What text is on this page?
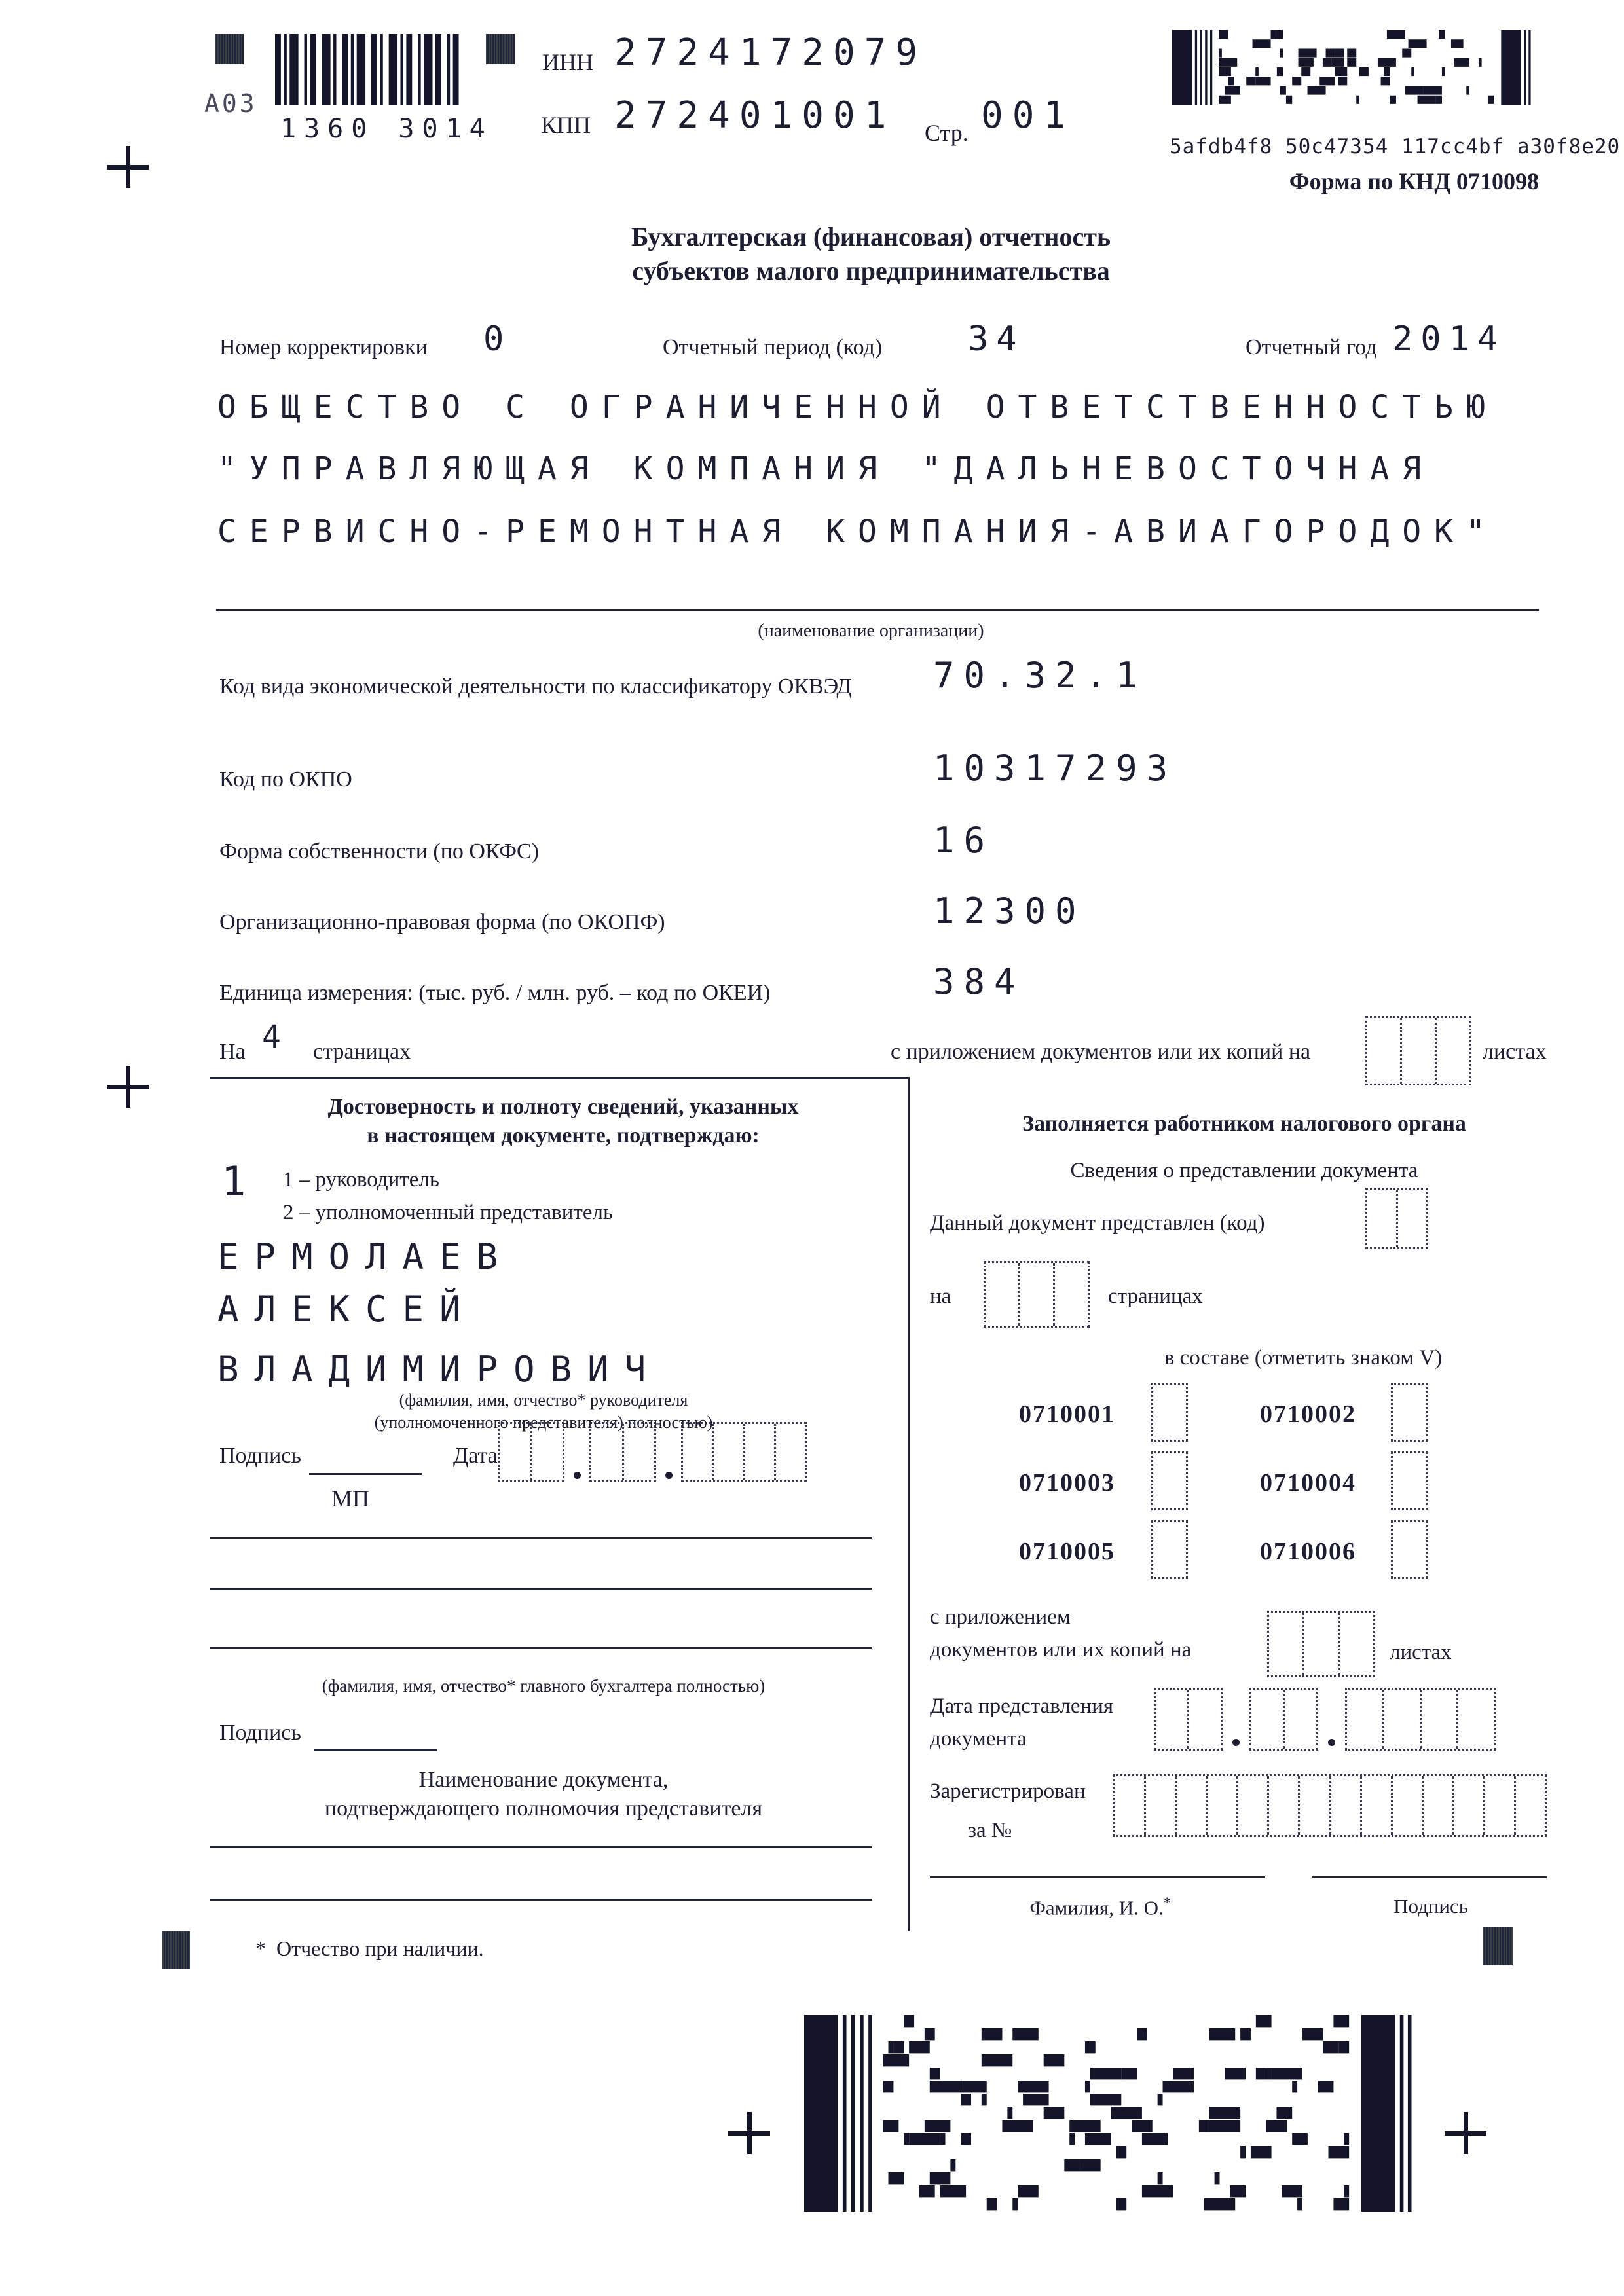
A03
1360 3014
ИНН 2724172079
КПП 272401001 Стр. 001
5afdb4f8 50c47354 117cc4bf a30f8e20
Форма по КНД 0710098
Бухгалтерская (финансовая) отчетность
субъектов малого предпринимательства
Номер корректировки 0	Отчетный период (код)	34	Отчетный год 2014
ОБЩЕСТВО С ОГРАНИЧЕННОЙ ОТВЕТСТВЕННОСТЬЮ
"УПРАВЛЯЮЩАЯ КОМПАНИЯ "ДАЛЬНЕВОСТОЧНАЯ
СЕРВИСНО-РЕМОНТНАЯ КОМПАНИЯ-АВИАГОРОДОК"
(наименование организации)
Код вида экономической деятельности по классификатору ОКВЭД 70.32.1
Код по ОКПО	10317293
Форма собственности (по ОКФС)	16
Организационно-правовая форма (по ОКОПФ)	12300
Единица измерения: (тыс. руб. / млн. руб. – код по ОКЕИ)	384
На 4 страницах	с приложением документов или их копий на	листах
Достоверность и полноту сведений, указанных
в настоящем документе, подтверждаю:
1 1 – руководитель
2 – уполномоченный представитель
ЕРМОЛАЕВ
АЛЕКСЕЙ
ВЛАДИМИРОВИЧ
(фамилия, имя, отчество* руководителя
(уполномоченного представителя) полностью)
Подпись	Дата
МП
(фамилия, имя, отчество* главного бухгалтера полностью)
Подпись
Наименование документа,
подтверждающего полномочия представителя
Заполняется работником налогового органа
Сведения о представлении документа
Данный документ представлен (код)
на	страницах
в составе (отметить знаком V)
0710001	0710002
0710003	0710004
0710005	0710006
с приложением
документов или их копий на	листах
Дата представления
документа
Зарегистрирован
за №
Фамилия, И. О.*	Подпись
* Отчество при наличии.
